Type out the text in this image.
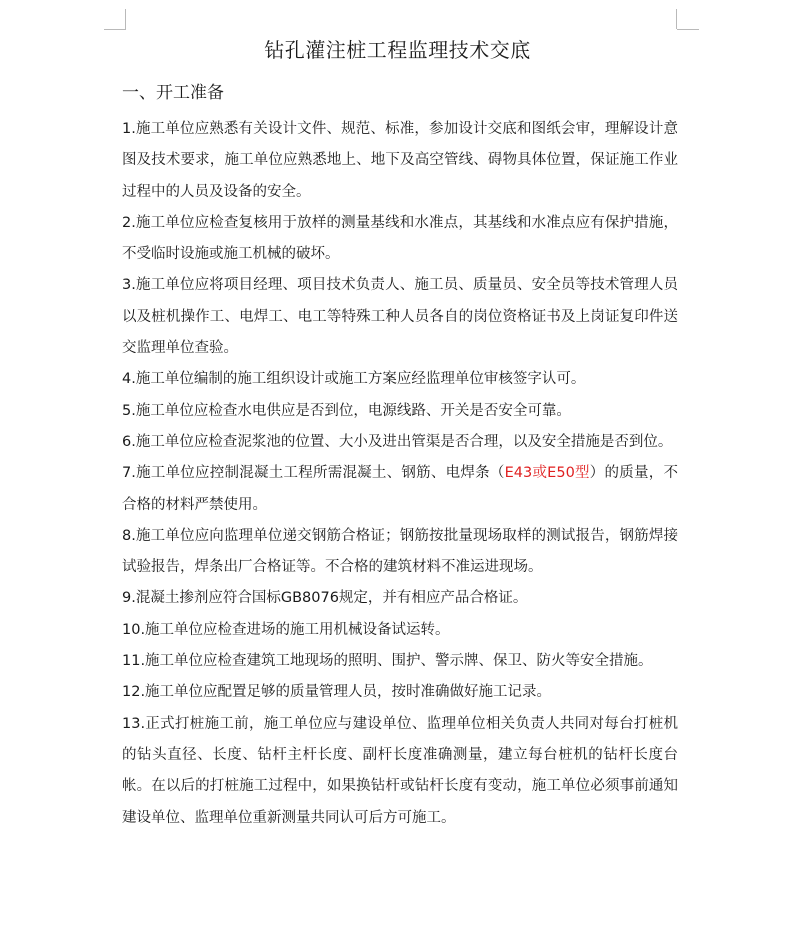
钻孔灌注桩工程监理技术交底
一、开工准备

1.施工单位应熟悉有关设计文件、规范、标准，参加设计交底和图纸会审，理解设计意图及技术要求，施工单位应熟悉地上、地下及高空管线、碍物具体位置，保证施工作业过程中的人员及设备的安全。

2.施工单位应检查复核用于放样的测量基线和水准点，其基线和水准点应有保护措施，不受临时设施或施工机械的破坏。

3.施工单位应将项目经理、项目技术负责人、施工员、质量员、安全员等技术管理人员以及桩机操作工、电焊工、电工等特殊工种人员各自的岗位资格证书及上岗证复印件送交监理单位查验。

4.施工单位编制的施工组织设计或施工方案应经监理单位审核签字认可。

5.施工单位应检查水电供应是否到位，电源线路、开关是否安全可靠。

6.施工单位应检查泥浆池的位置、大小及进出管渠是否合理，以及安全措施是否到位。

7.施工单位应控制混凝土工程所需混凝土、钢筋、电焊条（E43或E50型）的质量，不合格的材料严禁使用。

8.施工单位应向监理单位递交钢筋合格证；钢筋按批量现场取样的测试报告，钢筋焊接试验报告，焊条出厂合格证等。不合格的建筑材料不准运进现场。

9.混凝土掺剂应符合国标GB8076规定，并有相应产品合格证。

10.施工单位应检查进场的施工用机械设备试运转。

11.施工单位应检查建筑工地现场的照明、围护、警示牌、保卫、防火等安全措施。

12.施工单位应配置足够的质量管理人员，按时准确做好施工记录。

13.正式打桩施工前，施工单位应与建设单位、监理单位相关负责人共同对每台打桩机的钻头直径、长度、钻杆主杆长度、副杆长度准确测量，建立每台桩机的钻杆长度台帐。在以后的打桩施工过程中，如果换钻杆或钻杆长度有变动，施工单位必须事前通知建设单位、监理单位重新测量共同认可后方可施工。
